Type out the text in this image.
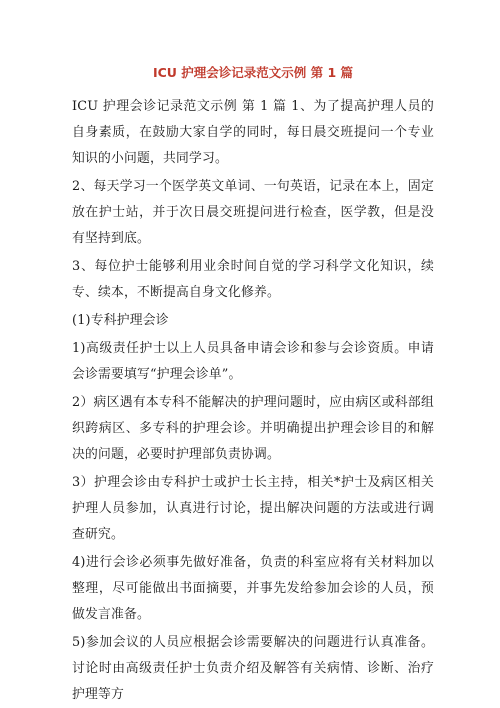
ICU 护理会诊记录范文示例 第 1 篇

ICU 护理会诊记录范文示例 第 1 篇 1、为了提高护理人员的自身素质，在鼓励大家自学的同时，每日晨交班提问一个专业知识的小问题，共同学习。

2、每天学习一个医学英文单词、一句英语，记录在本上，固定放在护士站，并于次日晨交班提问进行检查，医学教，但是没有坚持到底。

3、每位护士能够利用业余时间自觉的学习科学文化知识，续专、续本，不断提高自身文化修养。

(1)专科护理会诊

1)高级责任护士以上人员具备申请会诊和参与会诊资质。申请会诊需要填写“护理会诊单”。

2）病区遇有本专科不能解决的护理问题时，应由病区或科部组织跨病区、多专科的护理会诊。并明确提出护理会诊目的和解决的问题，必要时护理部负责协调。

3）护理会诊由专科护士或护士长主持，相关*护士及病区相关护理人员参加，认真进行讨论，提出解决问题的方法或进行调查研究。

4)进行会诊必须事先做好准备，负责的科室应将有关材料加以整理，尽可能做出书面摘要，并事先发给参加会诊的人员，预做发言准备。

5)参加会议的人员应根据会诊需要解决的问题进行认真准备。讨论时由高级责任护士负责介绍及解答有关病情、诊断、治疗护理等方
